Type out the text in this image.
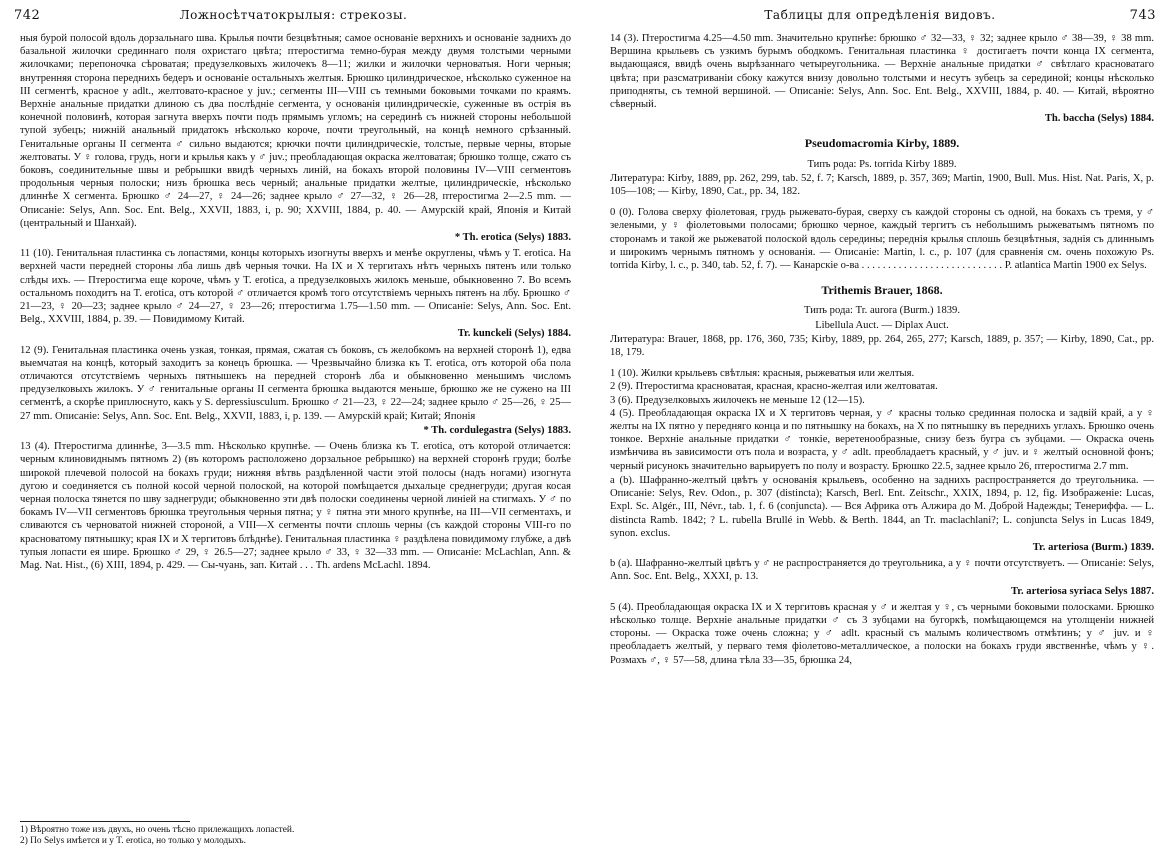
742	Ложносѣтчатокрылыя: стрекозы.

ныя бурой полосой вдоль дорзальнаго шва. Крылья почти безцвѣтныя; самое основаніе верхнихъ и основаніе заднихъ до базальной жилочки срединнаго поля охристаго цвѣта; птеростигма темно-бурая между двумя толстыми черными жилочками; перепоночка сѣроватая; предузелковыхъ жилочекъ 8—11; жилки и жилочки черноватыя. Ноги черныя; внутренняя сторона переднихъ бедеръ и основаніе остальныхъ желтыя. Брюшко цилиндрическое, нѣсколько суженное на III сегментѣ, красное у adlt., желтовато-красное у juv.; сегменты III—VIII съ темными боковыми точками по краямъ. Верхніе анальные придатки длиною съ два послѣдніе сегмента, у основанія цилиндрическіе, суженные въ острія въ конечной половинѣ, которая загнута вверхъ почти подъ прямымъ угломъ; на серединѣ съ нижней стороны небольшой тупой зубецъ; нижній анальный придатокъ нѣсколько короче, почти треугольный, на концѣ немного срѣзанный. Генитальные органы II сегмента ♂ сильно выдаются; крючки почти цилиндрическіе, толстые, первые черны, вторые желтоваты. У ♀ голова, грудь, ноги и крылья какъ у ♂ juv.; преобладающая окраска желтоватая; брюшко толще, сжато съ боковъ, соединительные швы и ребрышки ввидѣ черныхъ линій, на бокахъ второй половины IV—VIII сегментовъ продольныя черныя полоски; низъ брюшка весь черный; анальные придатки желтые, цилиндрическіе, нѣсколько длиннѣе X сегмента. Брюшко ♂ 24—27, ♀ 24—26; заднее крыло ♂ 27—32, ♀ 26—28, птеростигма 2—2.5 mm. — Описаніе: Selys, Ann. Soc. Ent. Belg., XXVII, 1883, i, p. 90; XXVIII, 1884, p. 40. — Амурскій край, Японія и Китай (центральный и Шанхай).

* Th. erotica (Selys) 1883.

11 (10). Генитальная пластинка съ лопастями, концы которыхъ изогнуты вверхъ и менѣе округлены, чѣмъ у T. erotica. На верхней части передней стороны лба лишь двѣ черныя точки. На IX и X тергитахъ нѣтъ черныхъ пятенъ или только слѣды ихъ. — Птеростигма еще короче, чѣмъ у T. erotica, а предузелковыхъ жилокъ меньше, обыкновенно 7. Во всемъ остальномъ походитъ на T. erotica, отъ которой ♂ отличается кромѣ того отсутствіемъ черныхъ пятенъ на лбу. Брюшко ♂ 21—23, ♀ 20—23; заднее крыло ♂ 24—27, ♀ 23—26; птеростигма 1.75—1.50 mm. — Описаніе: Selys, Ann. Soc. Ent. Belg., XXVIII, 1884, p. 39. — Повидимому Китай.

Tr. kunckeli (Selys) 1884.

12 (9). Генитальная пластинка очень узкая, тонкая, прямая, сжатая съ боковъ, съ желобкомъ на верхней сторонѣ 1), едва выемчатая на концѣ, который заходитъ за конецъ брюшка. — Чрезвычайно близка къ T. erotica, отъ которой оба пола отличаются отсутствіемъ черныхъ пятнышекъ на передней сторонѣ лба и обыкновенно меньшимъ числомъ предузелковыхъ жилокъ. У ♂ генитальные органы II сегмента брюшка выдаются меньше, брюшко же не сужено на III сегментѣ, а скорѣе приплюснуто, какъ у S. depressiusculum. Брюшко ♂ 21—23, ♀ 22—24; заднее крыло ♂ 25—26, ♀ 25—27 mm. Описаніе: Selys, Ann. Soc. Ent. Belg., XXVII, 1883, i, p. 139. — Амурскій край; Китай; Японія

* Th. cordulegastra (Selys) 1883.

13 (4). Птеростигма длиннѣе, 3—3.5 mm. Нѣсколько крупнѣе. — Очень близка къ T. erotica, отъ которой отличается: черным клиновиднымъ пятномъ 2) (въ которомъ расположено дорзальное ребрышко) на верхней сторонѣ груди; болѣе широкой плечевой полосой на бокахъ груди; нижняя вѣтвь раздѣленной части этой полосы (надъ ногами) изогнута дугою и соединяется съ полной косой черной полоской, на которой помѣщается дыхальце среднегруди; другая косая черная полоска тянется по шву заднегруди; обыкновенно эти двѣ полоски соединены черной линіей на стигмахъ. У ♂ по бокамъ IV—VII сегментовъ брюшка треугольныя черныя пятна; у ♀ пятна эти много крупнѣе, на III—VII сегментахъ, и сливаются съ черноватой нижней стороной, а VIII—X сегменты почти сплошь черны (съ каждой стороны VIII-го по красноватому пятнышку; края IX и X тергитовъ блѣднѣе). Генитальная пластинка ♀ раздѣлена повидимому глубже, а двѣ тупыя лопасти ея шире. Брюшко ♂ 29, ♀ 26.5—27; заднее крыло ♂ 33, ♀ 32—33 mm. — Описаніе: McLachlan, Ann. & Mag. Nat. Hist., (6) XIII, 1894, p. 429. — Сы-чуань, зап. Китай . . . Th. ardens McLachl. 1894.

1) Вѣроятно тоже изъ двухъ, но очень тѣсно прилежащихъ лопастей.
2) По Selys имѣется и у T. erotica, но только у молодыхъ.
Таблицы для опредѣленія видовъ.	743

14 (3). Птеростигма 4.25—4.50 mm. Значительно крупнѣе: брюшко ♂ 32—33, ♀ 32; заднее крыло ♂ 38—39, ♀ 38 mm. Вершина крыльевъ съ узкимъ бурымъ ободкомъ. Генитальная пластинка ♀ достигаетъ почти конца IX сегмента, выдающаяся, ввидѣ очень вырѣзаннаго четыреугольника. — Верхніе анальные придатки ♂ свѣтлаго красноватаго цвѣта; при разсматриваніи сбоку кажутся внизу довольно толстыми и несутъ зубецъ за серединой; концы нѣсколько приподняты, съ темной вершиной. — Описаніе: Selys, Ann. Soc. Ent. Belg., XXVIII, 1884, p. 40. — Китай, вѣроятно сѣверный.

Th. baccha (Selys) 1884.

Pseudomacromia Kirby, 1889.

Типъ рода: Ps. torrida Kirby 1889.

Литература: Kirby, 1889, pp. 262, 299, tab. 52, f. 7; Karsch, 1889, p. 357, 369; Martin, 1900, Bull. Mus. Hist. Nat. Paris, X, p. 105—108; — Kirby, 1890, Cat., pp. 34, 182.

0 (0). Голова сверху фіолетовая, грудь рыжевато-бурая, сверху съ каждой стороны съ одной, на бокахъ съ тремя, у ♂ зелеными, у ♀ фіолетовыми полосами; брюшко черное, каждый тергитъ съ небольшимъ рыжеватымъ пятномъ по сторонамъ и такой же рыжеватой полоской вдоль середины; переднія крылья сплошь безцвѣтныя, заднія съ длиннымъ и широкимъ чернымъ пятномъ у основанія. — Описаніе: Martin, l. c., p. 107 (для сравненія см. очень похожую Ps. torrida Kirby, l. c., p. 340, tab. 52, f. 7). — Канарскіе о-ва . . . . . . . . . . . . . . . . . . . . . . . . . . . P. atlantica Martin 1900 ex Selys.

Trithemis Brauer, 1868.

Типъ рода: Tr. aurora (Burm.) 1839.

Libellula Auct. — Diplax Auct.

Литература: Brauer, 1868, pp. 176, 360, 735; Kirby, 1889, pp. 264, 265, 277; Karsch, 1889, p. 357; — Kirby, 1890, Cat., pp. 18, 179.

1 (10). Жилки крыльевъ свѣтлыя: красныя, рыжеватыя или желтыя.

2 (9). Птеростигма красноватая, красная, красно-желтая или желтоватая.

3 (6). Предузелковыхъ жилочекъ не меньше 12 (12—15).

4 (5). Преобладающая окраска IX и X тергитовъ черная, у ♂ красны только срединная полоска и задвій край, а у ♀ желты на IX пятно у передняго конца и по пятнышку на бокахъ, на X по пятнышку въ переднихъ углахъ. Брюшко очень тонкое. Верхніе анальные придатки ♂ тонкіе, веретенообразные, снизу безъ бугра съ зубцами. — Окраска очень измѣнчива въ зависимости отъ пола и возраста, у ♂ adlt. преобладаетъ красный, у ♂ juv. и ♀ желтый основной фонъ; черный рисунокъ значительно варьируетъ по полу и возрасту. Брюшко 22.5, заднее крыло 26, птеростигма 2.7 mm.

a (b). Шафранно-желтый цвѣтъ у основанія крыльевъ, особенно на заднихъ распространяется до треугольника. — Описаніе: Selys, Rev. Odon., p. 307 (distincta); Karsch, Berl. Ent. Zeitschr., XXIX, 1894, p. 12, fig. Изображеніе: Lucas, Expl. Sc. Algér., III, Névr., tab. 1, f. 6 (conjuncta). — Вся Африка отъ Алжира до М. Доброй Надежды; Тенериффа. — L. distincta Ramb. 1842; ? L. rubella Brullé in Webb. & Berth. 1844, an Tr. maclachlani?; L. conjuncta Selys in Lucas 1849, synon. exclus.

Tr. arteriosa (Burm.) 1839.

b (a). Шафранно-желтый цвѣтъ у ♂ не распространяется до треугольника, а у ♀ почти отсутствуетъ. — Описаніе: Selys, Ann. Soc. Ent. Belg., XXXI, p. 13.

Tr. arteriosa syriaca Selys 1887.

5 (4). Преобладающая окраска IX и X тергитовъ красная у ♂ и желтая у ♀, съ черными боковыми полосками. Брюшко нѣсколько толще. Верхніе анальные придатки ♂ съ 3 зубцами на бугоркѣ, помѣщающемся на утолщеніи нижней стороны. — Окраска тоже очень сложна; у ♂ adlt. красный съ малымъ количествомъ отмѣтинъ; у ♂ juv. и ♀ преобладаетъ желтый, у перваго темя фіолетово-металлическое, а полоски на бокахъ груди явственнѣе, чѣмъ у ♀. Розмахъ ♂, ♀ 57—58, длина тѣла 33—35, брюшка 24,
